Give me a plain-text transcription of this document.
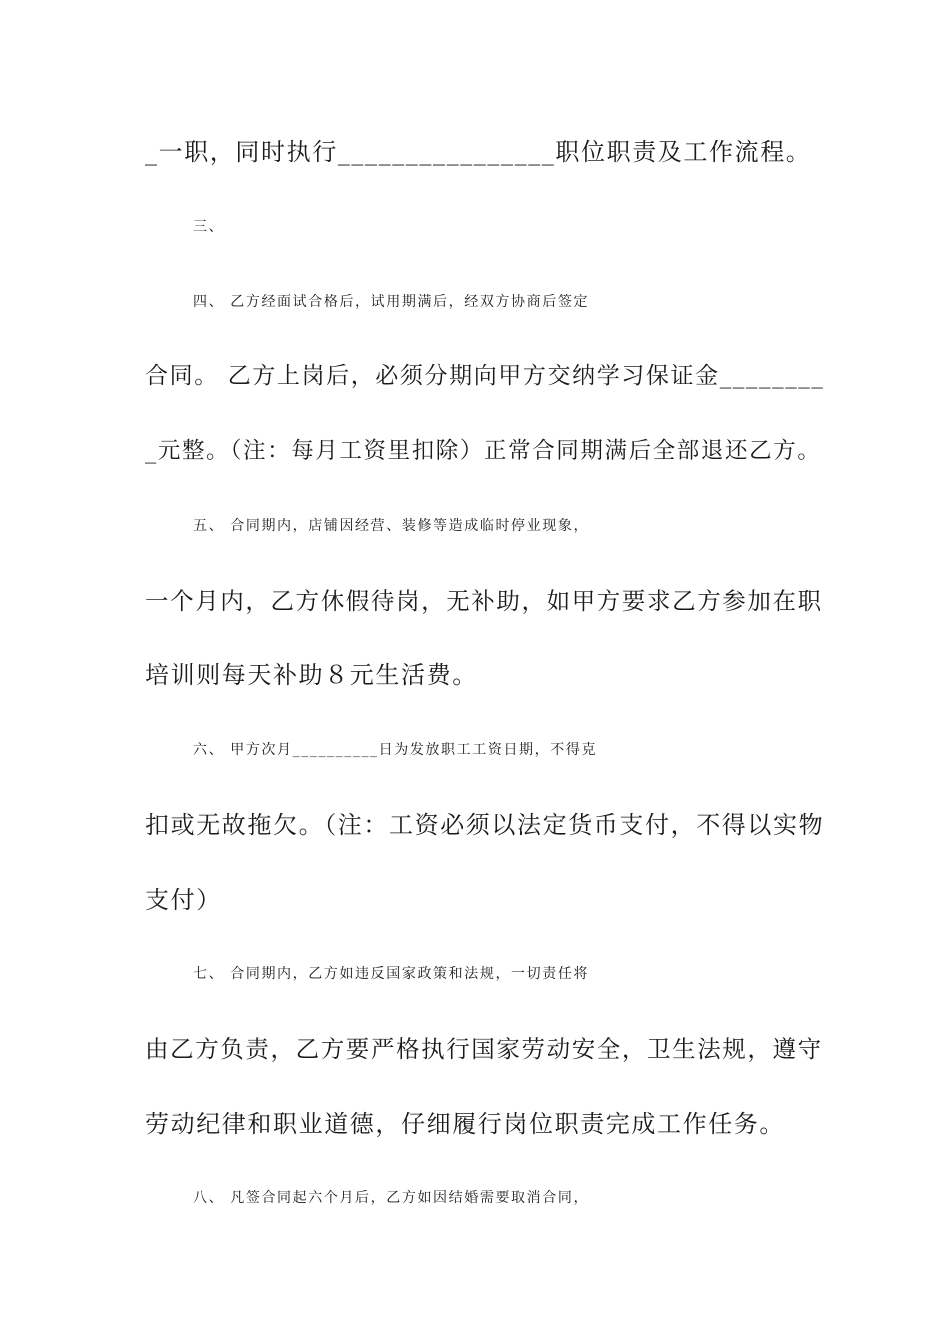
_一职，同时执行________________职位职责及工作流程。
三、
四、 乙方经面试合格后，试用期满后，经双方协商后签定
合同。 乙方上岗后，必须分期向甲方交纳学习保证金________
_元整。（注：每月工资里扣除）正常合同期满后全部退还乙方。
五、 合同期内，店铺因经营、装修等造成临时停业现象，
一个月内，乙方休假待岗，无补助，如甲方要求乙方参加在职
培训则每天补助８元生活费。
六、 甲方次月__________日为发放职工工资日期，不得克
扣或无故拖欠。（注：工资必须以法定货币支付，不得以实物
支付）
七、 合同期内，乙方如违反国家政策和法规，一切责任将
由乙方负责，乙方要严格执行国家劳动安全，卫生法规，遵守
劳动纪律和职业道德，仔细履行岗位职责完成工作任务。
八、 凡签合同起六个月后，乙方如因结婚需要取消合同，
